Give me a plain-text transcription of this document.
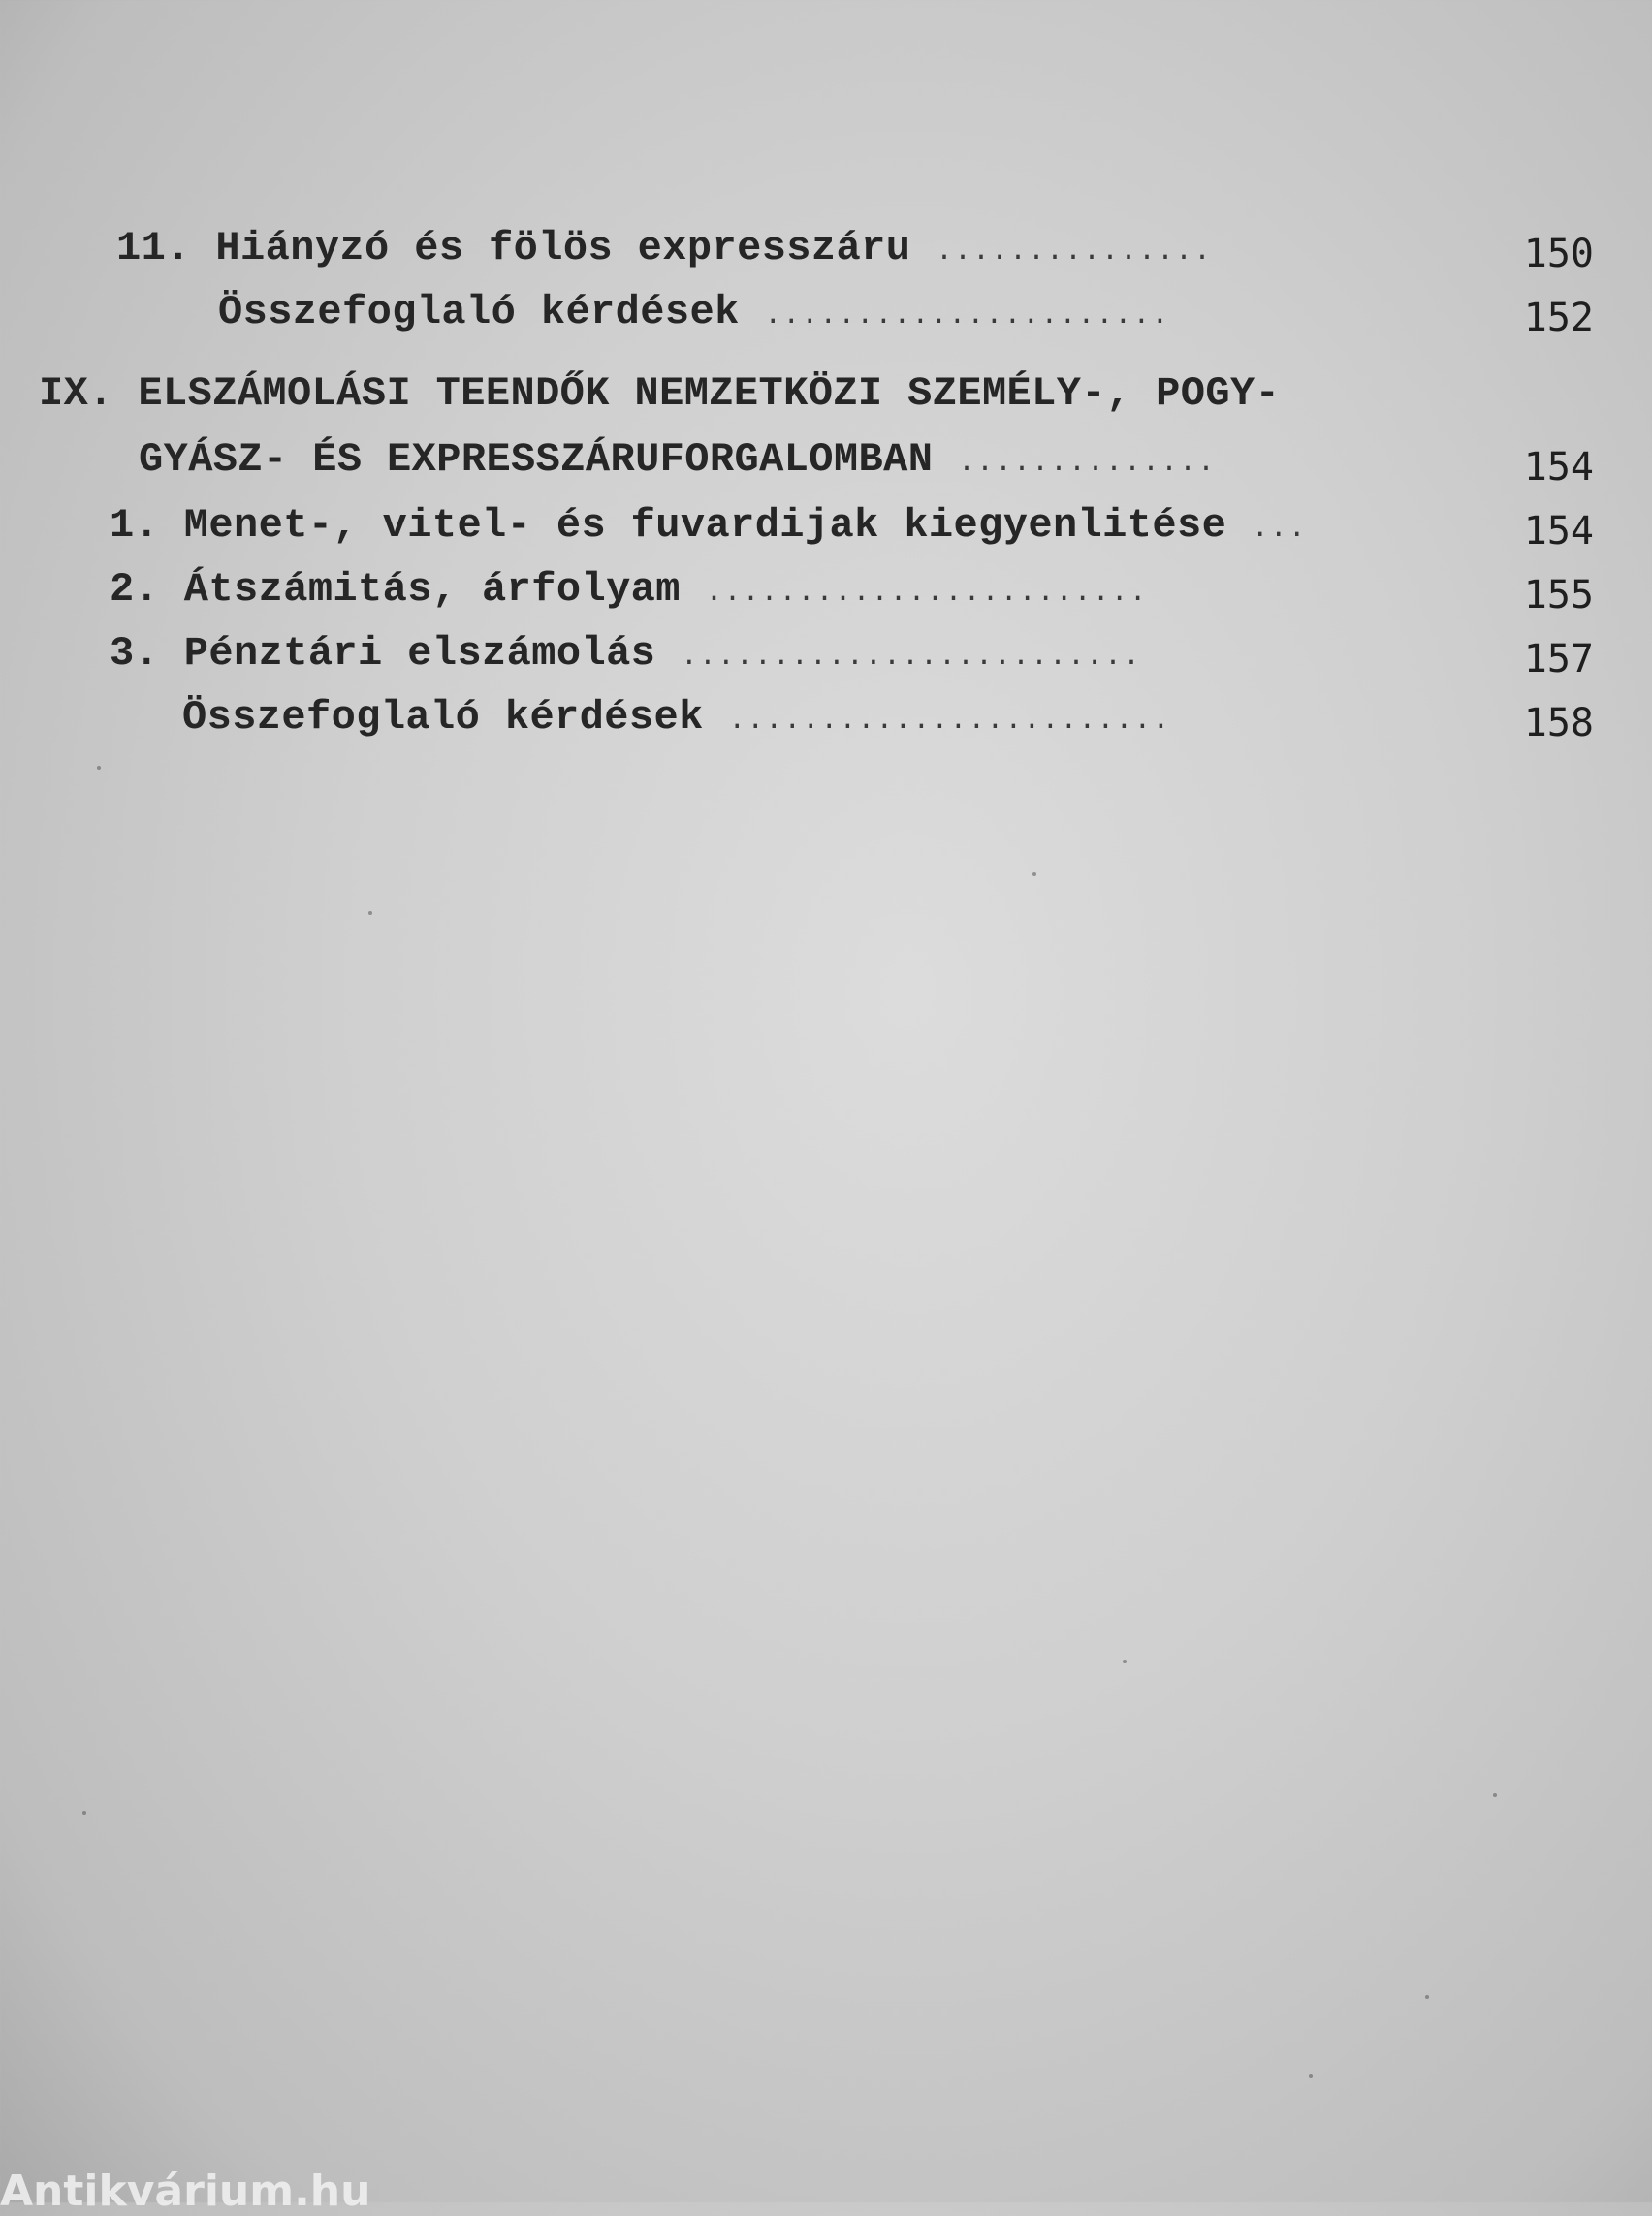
11. Hiányzó és fölös expresszáru ...............	150
Összefoglaló kérdések ......................	152
IX. ELSZÁMOLÁSI TEENDŐK NEMZETKÖZI SZEMÉLY-, POGY-
GYÁSZ- ÉS EXPRESSZÁRUFORGALOMBAN ..............	154
1. Menet-, vitel- és fuvardijak kiegyenlitése ...	154
2. Átszámitás, árfolyam ........................	155
3. Pénztári elszámolás .........................	157
Összefoglaló kérdések ........................	158
Antikvárium.hu
